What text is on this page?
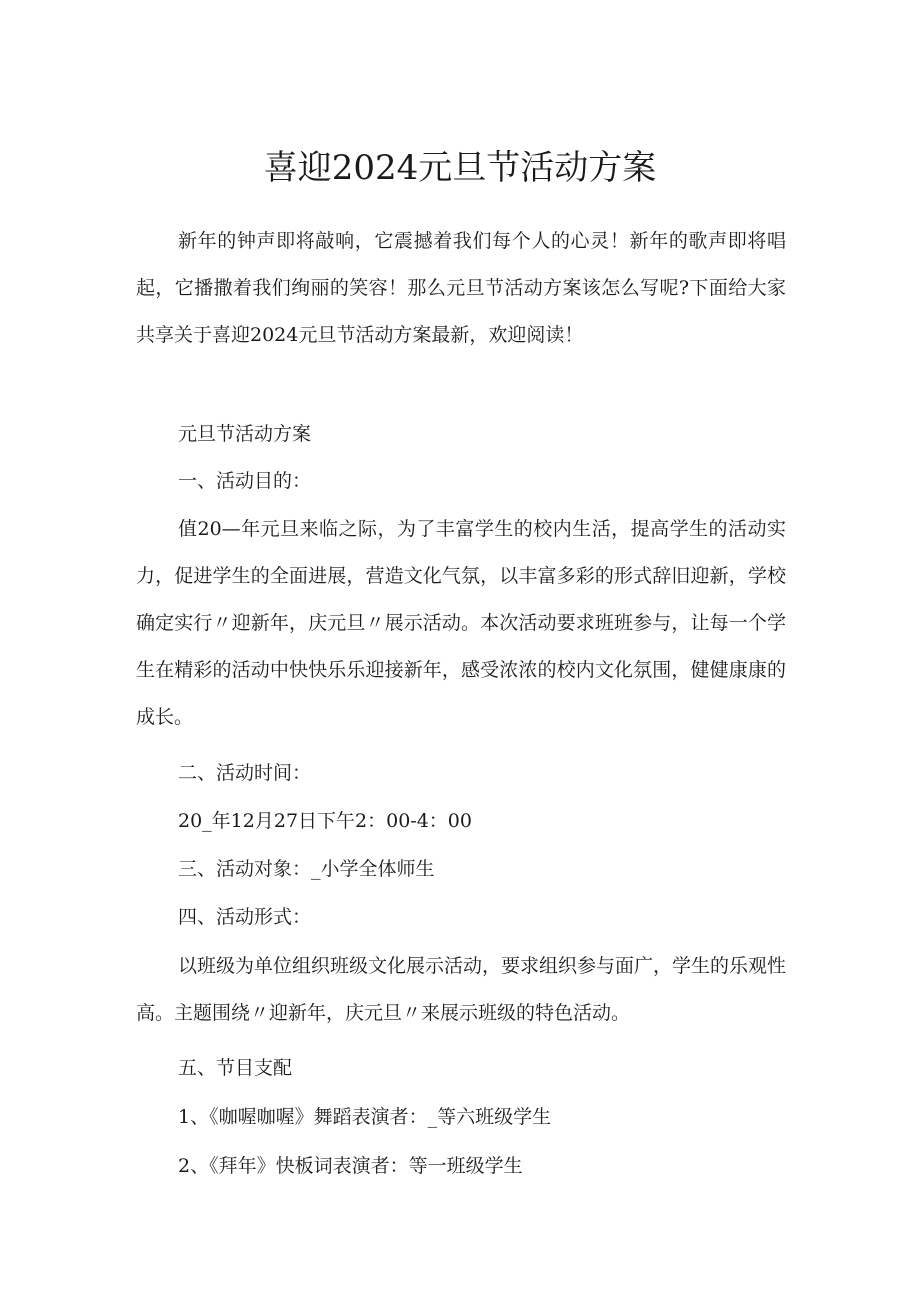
喜迎2024元旦节活动方案

新年的钟声即将敲响，它震撼着我们每个人的心灵！新年的歌声即将唱起，它播撒着我们绚丽的笑容！那么元旦节活动方案该怎么写呢?下面给大家共享关于喜迎2024元旦节活动方案最新，欢迎阅读！

元旦节活动方案

一、活动目的：

值20—年元旦来临之际，为了丰富学生的校内生活，提高学生的活动实力，促进学生的全面进展，营造文化气氛，以丰富多彩的形式辞旧迎新，学校确定实行〃迎新年，庆元旦〃展示活动。本次活动要求班班参与，让每一个学生在精彩的活动中快快乐乐迎接新年，感受浓浓的校内文化氛围，健健康康的成长。

二、活动时间：

20_年12月27日下午2：00-4：00

三、活动对象：_小学全体师生

四、活动形式：

以班级为单位组织班级文化展示活动，要求组织参与面广，学生的乐观性高。主题围绕〃迎新年，庆元旦〃来展示班级的特色活动。

五、节目支配

1、《咖喔咖喔》舞蹈表演者：_等六班级学生

2、《拜年》快板词表演者：等一班级学生
